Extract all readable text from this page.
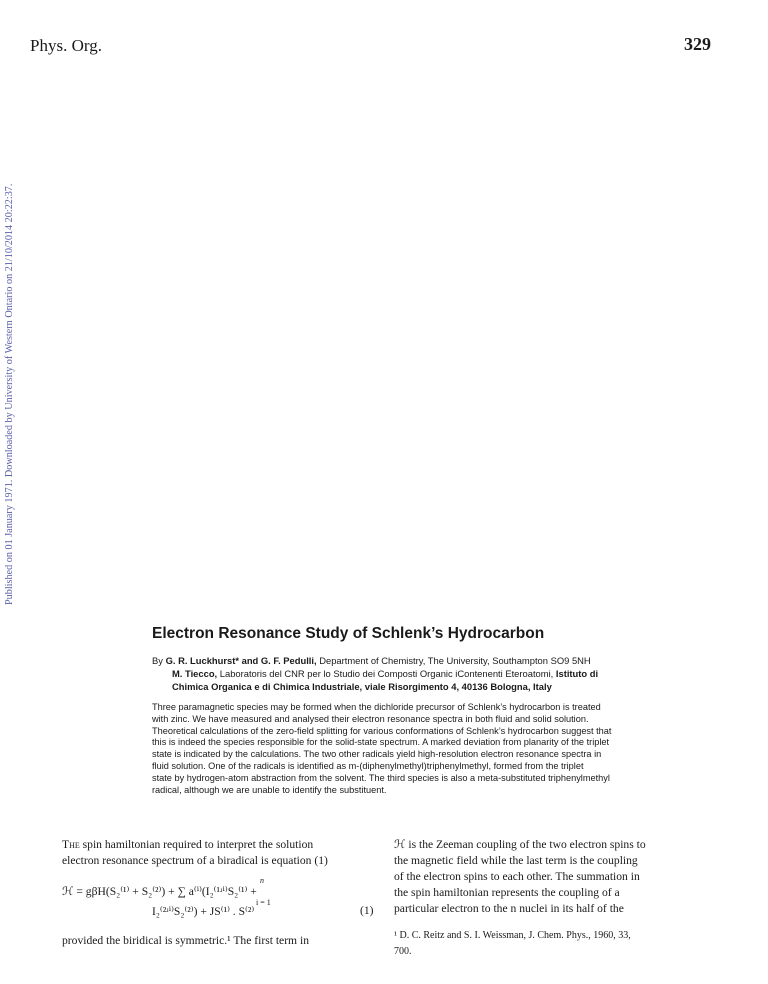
Phys. Org.	329
Published on 01 January 1971. Downloaded by University of Western Ontario on 21/10/2014 20:22:37.
Electron Resonance Study of Schlenk’s Hydrocarbon
By G. R. Luckhurst* and G. F. Pedulli, Department of Chemistry, The University, Southampton SO9 5NH
M. Tiecco, Laboratoris del CNR per lo Studio dei Composti Organic iContenenti Eteroatomi, Istituto di
Chimica Organica e di Chimica Industriale, viale Risorgimento 4, 40136 Bologna, Italy
Three paramagnetic species may be formed when the dichloride precursor of Schlenk’s hydrocarbon is treated
with zinc. We have measured and analysed their electron resonance spectra in both fluid and solid solution.
Theoretical calculations of the zero-field splitting for various conformations of Schlenk’s hydrocarbon suggest that
this is indeed the species responsible for the solid-state spectrum. A marked deviation from planarity of the triplet
state is indicated by the calculations. The two other radicals yield high-resolution electron resonance spectra in
fluid solution. One of the radicals is identified as m-(diphenylmethyl)triphenylmethyl, formed from the triplet
state by hydrogen-atom abstraction from the solvent. The third species is also a meta-substituted triphenylmethyl
radical, although we are unable to identify the substituent.
The spin hamiltonian required to interpret the solution
electron resonance spectrum of a biradical is equation (1)
n
ℋ = gβH(S₂⁽¹⁾ + S₂⁽²⁾) + ∑ a⁽ⁱ⁾(I₂⁽¹ʴⁱ⁾S₂⁽¹⁾ +
i = 1
I₂⁽²ʴⁱ⁾S₂⁽²⁾) + JS⁽¹⁾ . S⁽²⁾	(1)
provided the biridical is symmetric.¹ The first term in
ℋ is the Zeeman coupling of the two electron spins to
the magnetic field while the last term is the coupling
of the electron spins to each other. The summation in
the spin hamiltonian represents the coupling of a
particular electron to the n nuclei in its half of the
¹ D. C. Reitz and S. I. Weissman, J. Chem. Phys., 1960, 33,
700.
